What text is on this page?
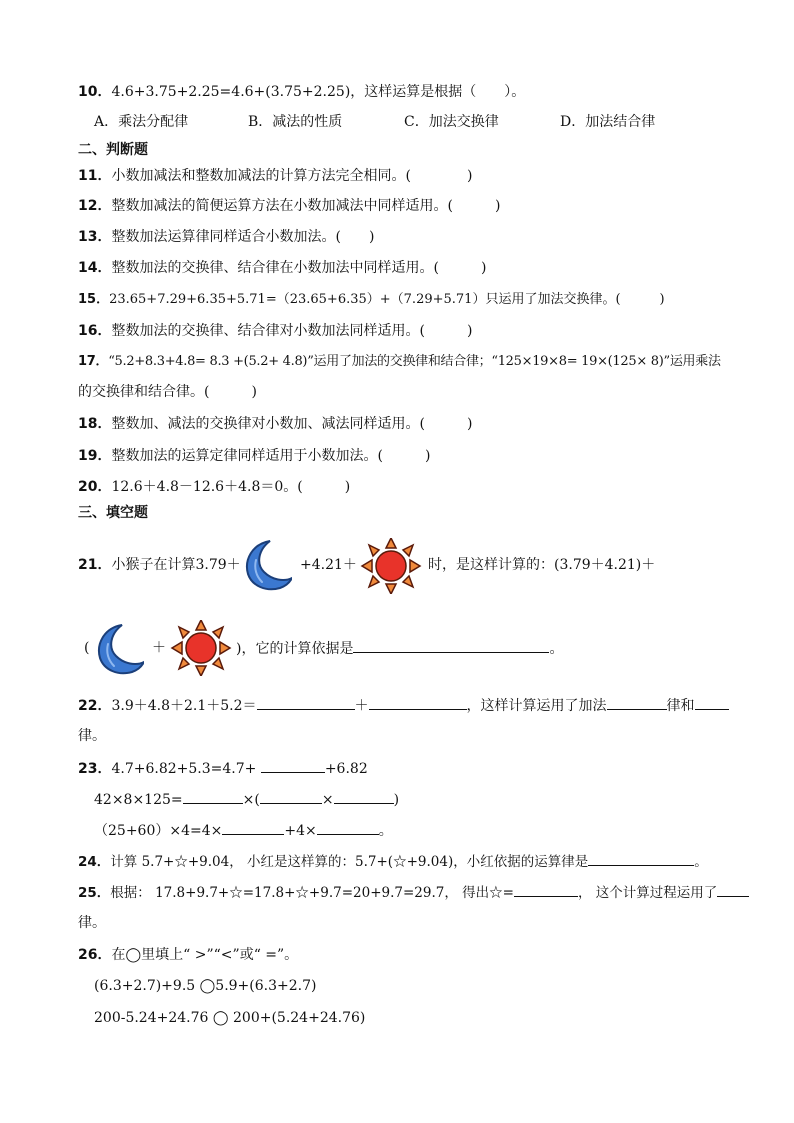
10．4.6+3.75+2.25=4.6+(3.75+2.25)，这样运算是根据（　　）。
A．乘法分配律	B．减法的性质	C．加法交换律	D．加法结合律
二、判断题
11．小数加减法和整数加减法的计算方法完全相同。(　　　　)
12．整数加减法的简便运算方法在小数加减法中同样适用。(　　　)
13．整数加法运算律同样适合小数加法。(　　)
14．整数加法的交换律、结合律在小数加法中同样适用。(　　　)
15．23.65+7.29+6.35+5.71=（23.65+6.35）+（7.29+5.71）只运用了加法交换律。(　　　)
16．整数加法的交换律、结合律对小数加法同样适用。(　　　)
17．“5.2+8.3+4.8= 8.3 +(5.2+ 4.8)”运用了加法的交换律和结合律；“125×19×8= 19×(125× 8)”运用乘法
的交换律和结合律。(　　　)
18．整数加、减法的交换律对小数加、减法同样适用。(　　　)
19．整数加法的运算定律同样适用于小数加法。(　　　)
20．12.6＋4.8－12.6＋4.8＝0。(　　　)
三、填空题
21．小猴子在计算3.79＋	+4.21＋	时，是这样计算的：(3.79＋4.21)＋
(	＋	)，它的计算依据是	。
22．3.9＋4.8＋2.1＋5.2＝	＋	，这样计算运用了加法	律和
律。
23．4.7+6.82+5.3=4.7+	+6.82
42×8×125=	×(	×	)
（25+60）×4=4×	+4×	。
24．计算 5.7+☆+9.04， 小红是这样算的：5.7+(☆+9.04)，小红依据的运算律是	。
25．根据： 17.8+9.7+☆=17.8+☆+9.7=20+9.7=29.7， 得出☆=	， 这个计算过程运用了
律。
26．在◯里填上“ >”“<”或“ =”。
(6.3+2.7)+9.5 ◯5.9+(6.3+2.7)
200-5.24+24.76 ◯ 200+(5.24+24.76)
